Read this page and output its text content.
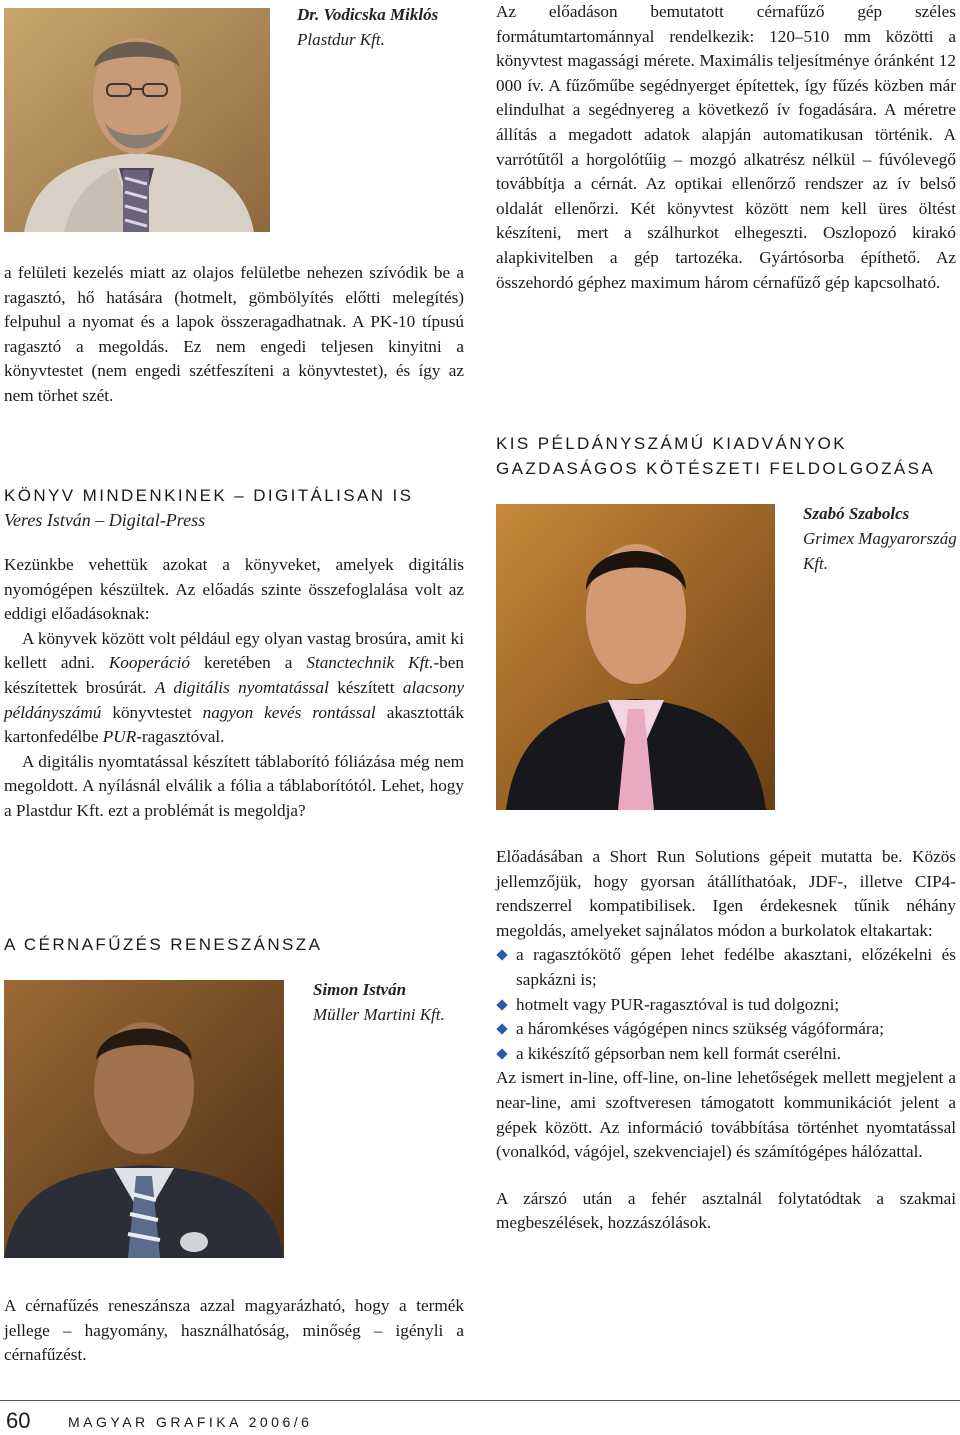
Dr. Vodicska Miklós
Plastdur Kft.

a felületi kezelés miatt az olajos felületbe nehezen szívódik be a ragasztó, hő hatására (hotmelt, gömbölyítés előtti melegítés) felpuhul a nyomat és a lapok összeragadhatnak. A PK-10 típusú ragasztó a megoldás. Ez nem engedi teljesen kinyitni a könyvtestet (nem engedi szétfeszíteni a könyvtestet), és így az nem törhet szét.

KÖNYV MINDENKINEK – DIGITÁLISAN IS
Veres István – Digital-Press

Kezünkbe vehettük azokat a könyveket, amelyek digitális nyomógépen készültek. Az előadás szinte összefoglalása volt az eddigi előadásoknak:

A könyvek között volt például egy olyan vastag brosúra, amit ki kellett adni. Kooperáció keretében a Stanctechnik Kft.-ben készítettek brosúrát. A digitális nyomtatással készített alacsony példányszámú könyvtestet nagyon kevés rontással akasztották kartonfedélbe PUR-ragasztóval.

A digitális nyomtatással készített táblaborító fóliázása még nem megoldott. A nyílásnál elválik a fólia a táblaborítótól. Lehet, hogy a Plastdur Kft. ezt a problémát is megoldja?

A CÉRNAFŰZÉS RENESZÁNSZA
Simon István
Müller Martini Kft.

A cérnafűzés reneszánsza azzal magyarázható, hogy a termék jellege – hagyomány, használhatóság, minőség – igényli a cérnafűzést.

Az előadáson bemutatott cérnafűző gép széles formátumtartománnyal rendelkezik: 120–510 mm közötti a könyvtest magassági mérete. Maximális teljesítménye óránként 12 000 ív. A fűzőműbe segédnyerget építettek, így fűzés közben már elindulhat a segédnyereg a következő ív fogadására. A méretre állítás a megadott adatok alapján automatikusan történik. A varrótűtől a horgolótűig – mozgó alkatrész nélkül – fúvólevegő továbbítja a cérnát. Az optikai ellenőrző rendszer az ív belső oldalát ellenőrzi. Két könyvtest között nem kell üres öltést készíteni, mert a szálhurkot elhegeszti. Oszlopozó kirakó alapkivitelben a gép tartozéka. Gyártósorba építhető. Az összehordó géphez maximum három cérnafűző gép kapcsolható.

KIS PÉLDÁNYSZÁMÚ KIADVÁNYOK
GAZDASÁGOS KÖTÉSZETI FELDOLGOZÁSA
Szabó Szabolcs
Grimex Magyarország Kft.

Előadásában a Short Run Solutions gépeit mutatta be. Közös jellemzőjük, hogy gyorsan átállíthatóak, JDF-, illetve CIP4-rendszerrel kompatibilisek. Igen érdekesnek tűnik néhány megoldás, amelyeket sajnálatos módon a burkolatok eltakartak:

a ragasztókötő gépen lehet fedélbe akasztani, előzékelni és sapkázni is;
hotmelt vagy PUR-ragasztóval is tud dolgozni;
a háromkéses vágógépen nincs szükség vágóformára;
a kikészítő gépsorban nem kell formát cserélni.

Az ismert in-line, off-line, on-line lehetőségek mellett megjelent a near-line, ami szoftveresen támogatott kommunikációt jelent a gépek között. Az információ továbbítása történhet nyomtatással (vonalkód, vágójel, szekvenciajel) és számítógépes hálózattal.

A zárszó után a fehér asztalnál folytatódtak a szakmai megbeszélések, hozzászólások.

60	MAGYAR GRAFIKA 2006/6
